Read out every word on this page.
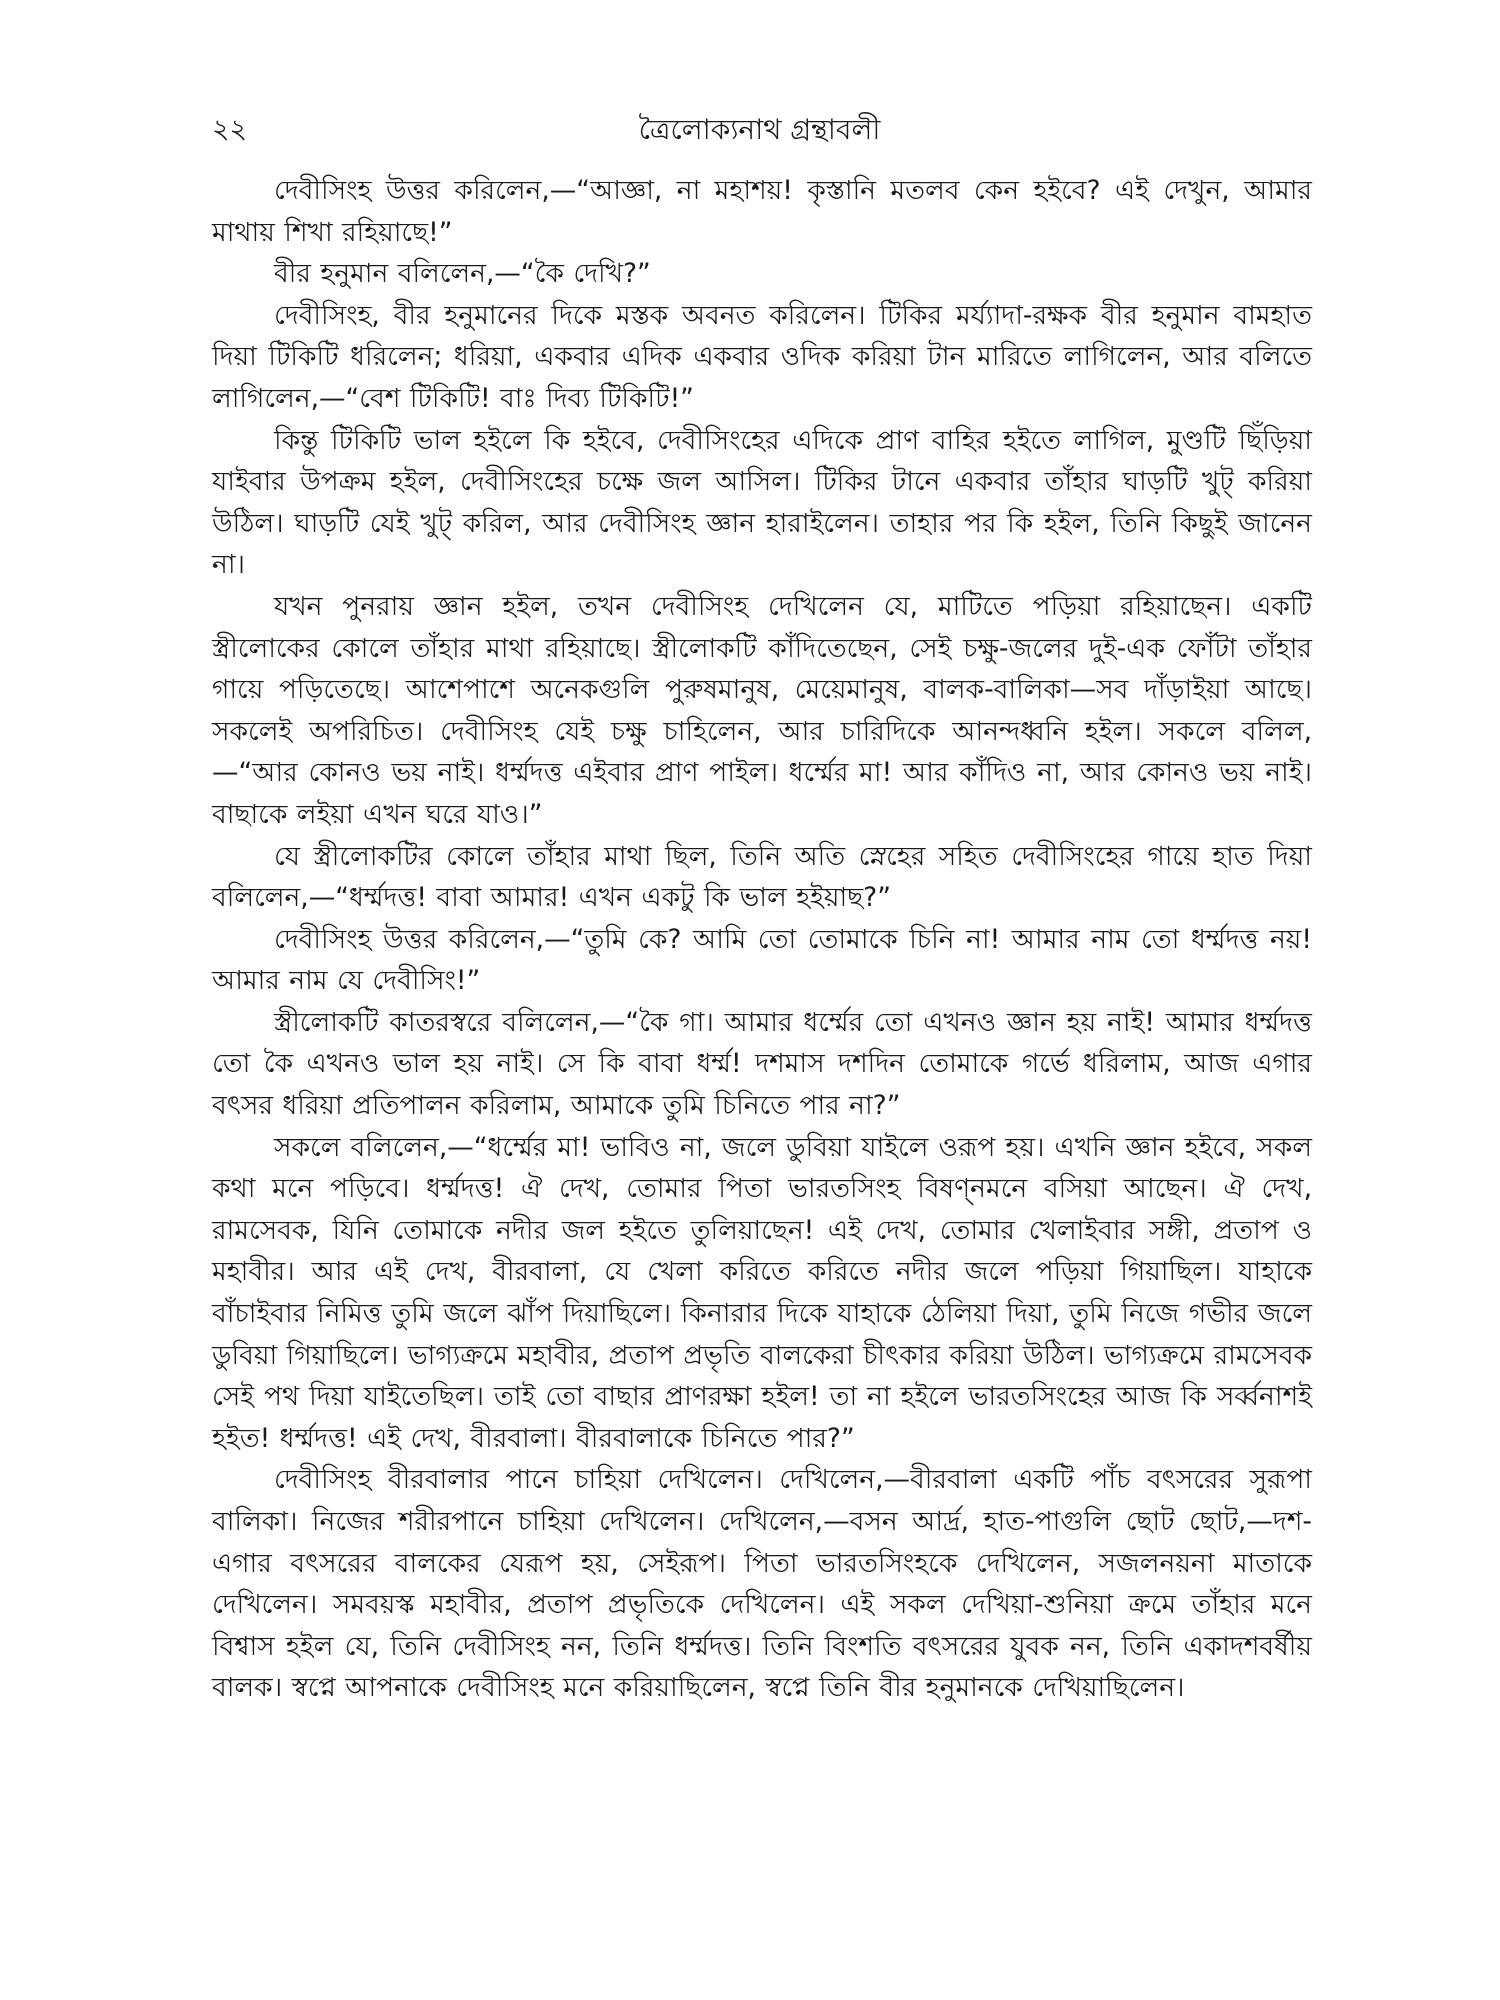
২২	ত্রৈলোক্যনাথ গ্রন্থাবলী

দেবীসিংহ উত্তর করিলেন,—“আজ্ঞা, না মহাশয়! কৃস্তানি মতলব কেন হইবে? এই দেখুন, আমার মাথায় শিখা রহিয়াছে!”

বীর হনুমান বলিলেন,—“কৈ দেখি?”

দেবীসিংহ, বীর হনুমানের দিকে মস্তক অবনত করিলেন। টিকির মর্য্যাদা-রক্ষক বীর হনুমান বামহাত দিয়া টিকিটি ধরিলেন; ধরিয়া, একবার এদিক একবার ওদিক করিয়া টান মারিতে লাগিলেন, আর বলিতে লাগিলেন,—“বেশ টিকিটি! বাঃ দিব্য টিকিটি!”

কিন্তু টিকিটি ভাল হইলে কি হইবে, দেবীসিংহের এদিকে প্রাণ বাহির হইতে লাগিল, মুণ্ডটি ছিঁড়িয়া যাইবার উপক্রম হইল, দেবীসিংহের চক্ষে জল আসিল। টিকির টানে একবার তাঁহার ঘাড়টি খুট্ করিয়া উঠিল। ঘাড়টি যেই খুট্ করিল, আর দেবীসিংহ জ্ঞান হারাইলেন। তাহার পর কি হইল, তিনি কিছুই জানেন না।

যখন পুনরায় জ্ঞান হইল, তখন দেবীসিংহ দেখিলেন যে, মাটিতে পড়িয়া রহিয়াছেন। একটি স্ত্রীলোকের কোলে তাঁহার মাথা রহিয়াছে। স্ত্রীলোকটি কাঁদিতেছেন, সেই চক্ষু-জলের দুই-এক ফোঁটা তাঁহার গায়ে পড়িতেছে। আশেপাশে অনেকগুলি পুরুষমানুষ, মেয়েমানুষ, বালক-বালিকা—সব দাঁড়াইয়া আছে। সকলেই অপরিচিত। দেবীসিংহ যেই চক্ষু চাহিলেন, আর চারিদিকে আনন্দধ্বনি হইল। সকলে বলিল,—“আর কোনও ভয় নাই। ধর্ম্মদত্ত এইবার প্রাণ পাইল। ধর্ম্মের মা! আর কাঁদিও না, আর কোনও ভয় নাই। বাছাকে লইয়া এখন ঘরে যাও।”

যে স্ত্রীলোকটির কোলে তাঁহার মাথা ছিল, তিনি অতি স্নেহের সহিত দেবীসিংহের গায়ে হাত দিয়া বলিলেন,—“ধর্ম্মদত্ত! বাবা আমার! এখন একটু কি ভাল হইয়াছ?”

দেবীসিংহ উত্তর করিলেন,—“তুমি কে? আমি তো তোমাকে চিনি না! আমার নাম তো ধর্ম্মদত্ত নয়! আমার নাম যে দেবীসিং!”

স্ত্রীলোকটি কাতরস্বরে বলিলেন,—“কৈ গা। আমার ধর্ম্মের তো এখনও জ্ঞান হয় নাই! আমার ধর্ম্মদত্ত তো কৈ এখনও ভাল হয় নাই। সে কি বাবা ধর্ম্ম! দশমাস দশদিন তোমাকে গর্ভে ধরিলাম, আজ এগার বৎসর ধরিয়া প্রতিপালন করিলাম, আমাকে তুমি চিনিতে পার না?”

সকলে বলিলেন,—“ধর্ম্মের মা! ভাবিও না, জলে ডুবিয়া যাইলে ওরূপ হয়। এখনি জ্ঞান হইবে, সকল কথা মনে পড়িবে। ধর্ম্মদত্ত! ঐ দেখ, তোমার পিতা ভারতসিংহ বিষণ্নমনে বসিয়া আছেন। ঐ দেখ, রামসেবক, যিনি তোমাকে নদীর জল হইতে তুলিয়াছেন! এই দেখ, তোমার খেলাইবার সঙ্গী, প্রতাপ ও মহাবীর। আর এই দেখ, বীরবালা, যে খেলা করিতে করিতে নদীর জলে পড়িয়া গিয়াছিল। যাহাকে বাঁচাইবার নিমিত্ত তুমি জলে ঝাঁপ দিয়াছিলে। কিনারার দিকে যাহাকে ঠেলিয়া দিয়া, তুমি নিজে গভীর জলে ডুবিয়া গিয়াছিলে। ভাগ্যক্রমে মহাবীর, প্রতাপ প্রভৃতি বালকেরা চীৎকার করিয়া উঠিল। ভাগ্যক্রমে রামসেবক সেই পথ দিয়া যাইতেছিল। তাই তো বাছার প্রাণরক্ষা হইল! তা না হইলে ভারতসিংহের আজ কি সর্ব্বনাশই হইত! ধর্ম্মদত্ত! এই দেখ, বীরবালা। বীরবালাকে চিনিতে পার?”

দেবীসিংহ বীরবালার পানে চাহিয়া দেখিলেন। দেখিলেন,—বীরবালা একটি পাঁচ বৎসরের সুরূপা বালিকা। নিজের শরীরপানে চাহিয়া দেখিলেন। দেখিলেন,—বসন আর্দ্র, হাত-পাগুলি ছোট ছোট,—দশ-এগার বৎসরের বালকের যেরূপ হয়, সেইরূপ। পিতা ভারতসিংহকে দেখিলেন, সজলনয়না মাতাকে দেখিলেন। সমবয়স্ক মহাবীর, প্রতাপ প্রভৃতিকে দেখিলেন। এই সকল দেখিয়া-শুনিয়া ক্রমে তাঁহার মনে বিশ্বাস হইল যে, তিনি দেবীসিংহ নন, তিনি ধর্ম্মদত্ত। তিনি বিংশতি বৎসরের যুবক নন, তিনি একাদশবর্ষীয় বালক। স্বপ্নে আপনাকে দেবীসিংহ মনে করিয়াছিলেন, স্বপ্নে তিনি বীর হনুমানকে দেখিয়াছিলেন।
